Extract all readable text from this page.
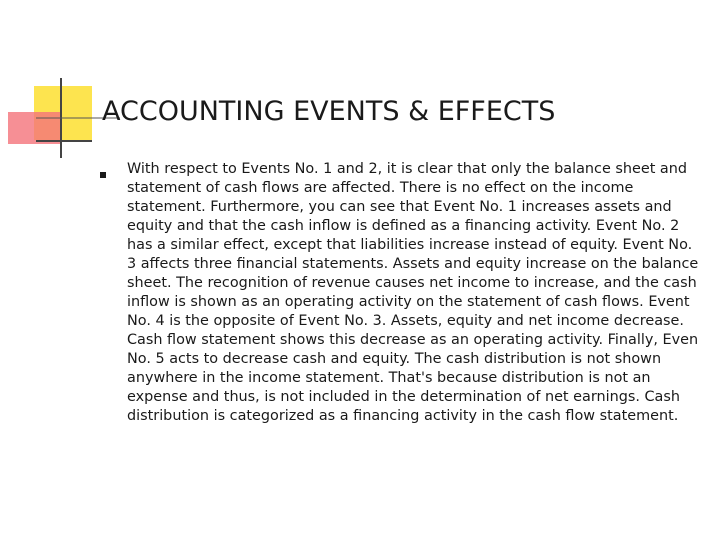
ACCOUNTING EVENTS & EFFECTS

With respect to Events No. 1 and 2, it is clear that only the balance sheet and statement of cash flows are affected. There is no effect on the income statement. Furthermore, you can see that Event No. 1 increases assets and equity and that the cash inflow is defined as a financing activity. Event No. 2 has a similar effect, except that liabilities increase instead of equity. Event No. 3 affects three financial statements. Assets and equity increase on the balance sheet. The recognition of revenue causes net income to increase, and the cash inflow is shown as an operating activity on the statement of cash flows. Event No. 4 is the opposite of Event No. 3. Assets, equity and net income decrease. Cash flow statement shows this decrease as an operating activity. Finally, Even No. 5 acts to decrease cash and equity. The cash distribution is not shown anywhere in the income statement. That's because distribution is not an expense and thus, is not included in the determination of net earnings. Cash distribution is categorized as a financing activity in the cash flow statement.
